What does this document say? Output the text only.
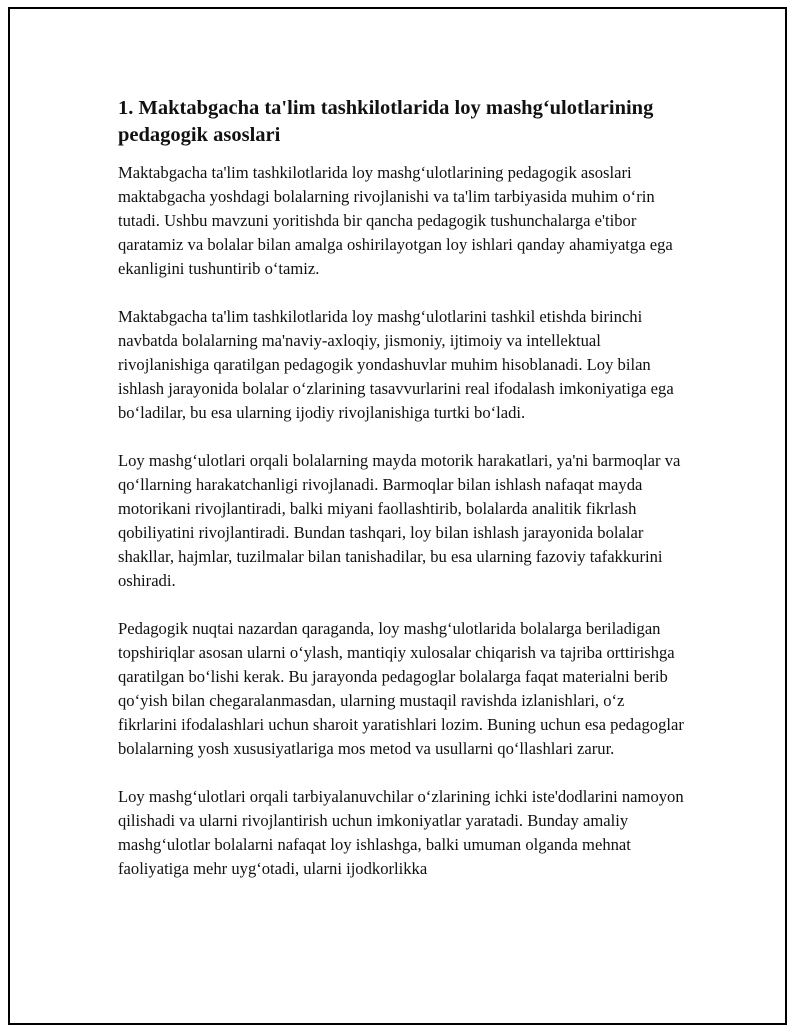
1. Maktabgacha ta'lim tashkilotlarida loy mashg‘ulotlarining pedagogik asoslari

Maktabgacha ta'lim tashkilotlarida loy mashg‘ulotlarining pedagogik asoslari maktabgacha yoshdagi bolalarning rivojlanishi va ta'lim tarbiyasida muhim o‘rin tutadi. Ushbu mavzuni yoritishda bir qancha pedagogik tushunchalarga e'tibor qaratamiz va bolalar bilan amalga oshirilayotgan loy ishlari qanday ahamiyatga ega ekanligini tushuntirib o‘tamiz.

Maktabgacha ta'lim tashkilotlarida loy mashg‘ulotlarini tashkil etishda birinchi navbatda bolalarning ma'naviy-axloqiy, jismoniy, ijtimoiy va intellektual rivojlanishiga qaratilgan pedagogik yondashuvlar muhim hisoblanadi. Loy bilan ishlash jarayonida bolalar o‘zlarining tasavvurlarini real ifodalash imkoniyatiga ega bo‘ladilar, bu esa ularning ijodiy rivojlanishiga turtki bo‘ladi.

Loy mashg‘ulotlari orqali bolalarning mayda motorik harakatlari, ya'ni barmoqlar va qo‘llarning harakatchanligi rivojlanadi. Barmoqlar bilan ishlash nafaqat mayda motorikani rivojlantiradi, balki miyani faollashtirib, bolalarda analitik fikrlash qobiliyatini rivojlantiradi. Bundan tashqari, loy bilan ishlash jarayonida bolalar shakllar, hajmlar, tuzilmalar bilan tanishadilar, bu esa ularning fazoviy tafakkurini oshiradi.

Pedagogik nuqtai nazardan qaraganda, loy mashg‘ulotlarida bolalarga beriladigan topshiriqlar asosan ularni o‘ylash, mantiqiy xulosalar chiqarish va tajriba orttirishga qaratilgan bo‘lishi kerak. Bu jarayonda pedagoglar bolalarga faqat materialni berib qo‘yish bilan chegaralanmasdan, ularning mustaqil ravishda izlanishlari, o‘z fikrlarini ifodalashlari uchun sharoit yaratishlari lozim. Buning uchun esa pedagoglar bolalarning yosh xususiyatlariga mos metod va usullarni qo‘llashlari zarur.

Loy mashg‘ulotlari orqali tarbiyalanuvchilar o‘zlarining ichki iste'dodlarini namoyon qilishadi va ularni rivojlantirish uchun imkoniyatlar yaratadi. Bunday amaliy mashg‘ulotlar bolalarni nafaqat loy ishlashga, balki umuman olganda mehnat faoliyatiga mehr uyg‘otadi, ularni ijodkorlikka
